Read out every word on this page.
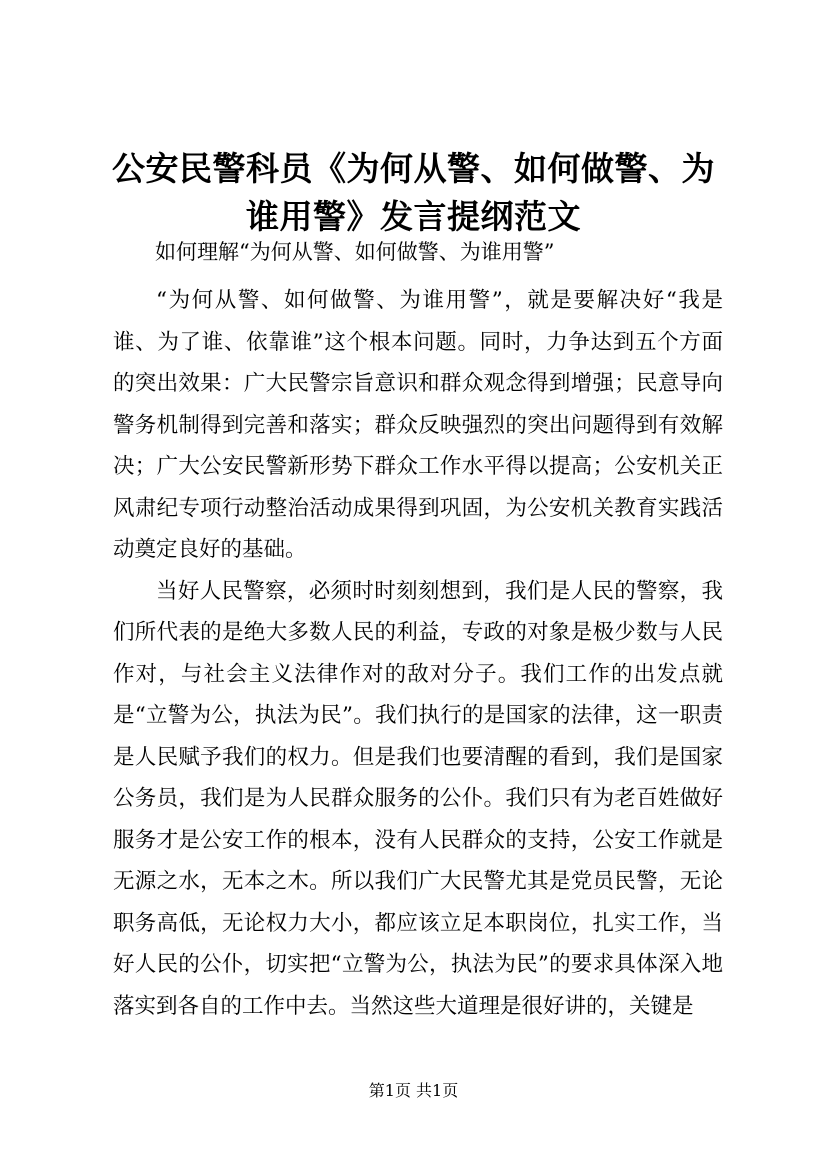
公安民警科员《为何从警、如何做警、为谁用警》发言提纲范文
如何理解“为何从警、如何做警、为谁用警”

“为何从警、如何做警、为谁用警”，就是要解决好“我是谁、为了谁、依靠谁”这个根本问题。同时，力争达到五个方面的突出效果：广大民警宗旨意识和群众观念得到增强；民意导向警务机制得到完善和落实；群众反映强烈的突出问题得到有效解决；广大公安民警新形势下群众工作水平得以提高；公安机关正风肃纪专项行动整治活动成果得到巩固，为公安机关教育实践活动奠定良好的基础。

当好人民警察，必须时时刻刻想到，我们是人民的警察，我们所代表的是绝大多数人民的利益，专政的对象是极少数与人民作对，与社会主义法律作对的敌对分子。我们工作的出发点就是“立警为公，执法为民”。我们执行的是国家的法律，这一职责是人民赋予我们的权力。但是我们也要清醒的看到，我们是国家公务员，我们是为人民群众服务的公仆。我们只有为老百姓做好服务才是公安工作的根本，没有人民群众的支持，公安工作就是无源之水，无本之木。所以我们广大民警尤其是党员民警，无论职务高低，无论权力大小，都应该立足本职岗位，扎实工作，当好人民的公仆，切实把“立警为公，执法为民”的要求具体深入地落实到各自的工作中去。当然这些大道理是很好讲的，关键是

第1页 共1页
